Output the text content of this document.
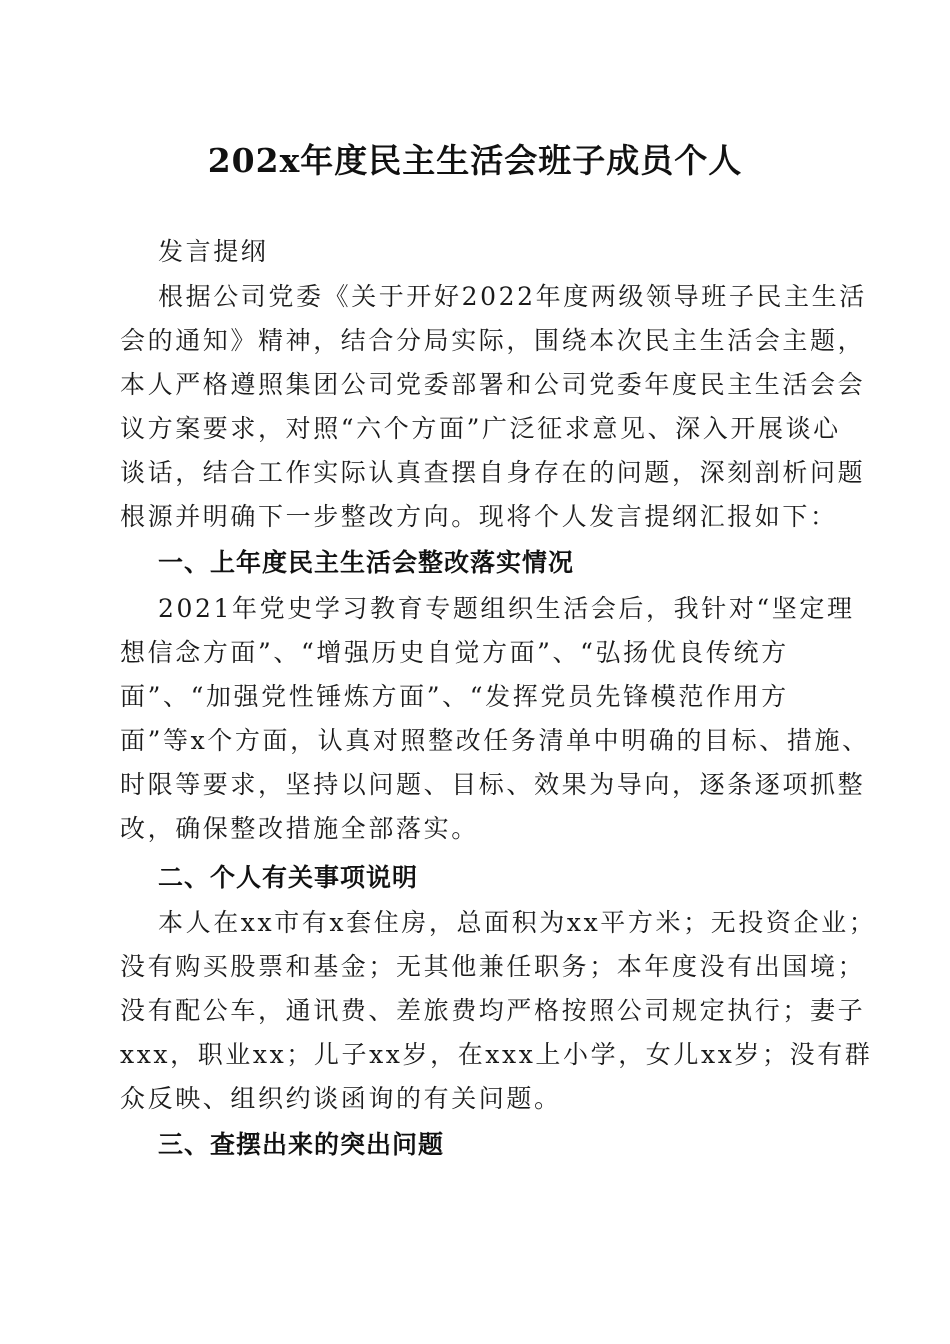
202x年度民主生活会班子成员个人
发言提纲
根据公司党委《关于开好2022年度两级领导班子民主生活
会的通知》精神，结合分局实际，围绕本次民主生活会主题，
本人严格遵照集团公司党委部署和公司党委年度民主生活会会
议方案要求，对照“六个方面”广泛征求意见、深入开展谈心
谈话，结合工作实际认真查摆自身存在的问题，深刻剖析问题
根源并明确下一步整改方向。现将个人发言提纲汇报如下：
一、上年度民主生活会整改落实情况
2021年党史学习教育专题组织生活会后，我针对“坚定理
想信念方面”、“增强历史自觉方面”、“弘扬优良传统方
面”、“加强党性锤炼方面”、“发挥党员先锋模范作用方
面”等x个方面，认真对照整改任务清单中明确的目标、措施、
时限等要求，坚持以问题、目标、效果为导向，逐条逐项抓整
改，确保整改措施全部落实。
二、个人有关事项说明
本人在xx市有x套住房，总面积为xx平方米；无投资企业；
没有购买股票和基金；无其他兼任职务；本年度没有出国境；
没有配公车，通讯费、差旅费均严格按照公司规定执行；妻子
xxx，职业xx；儿子xx岁，在xxx上小学，女儿xx岁；没有群
众反映、组织约谈函询的有关问题。
三、查摆出来的突出问题
